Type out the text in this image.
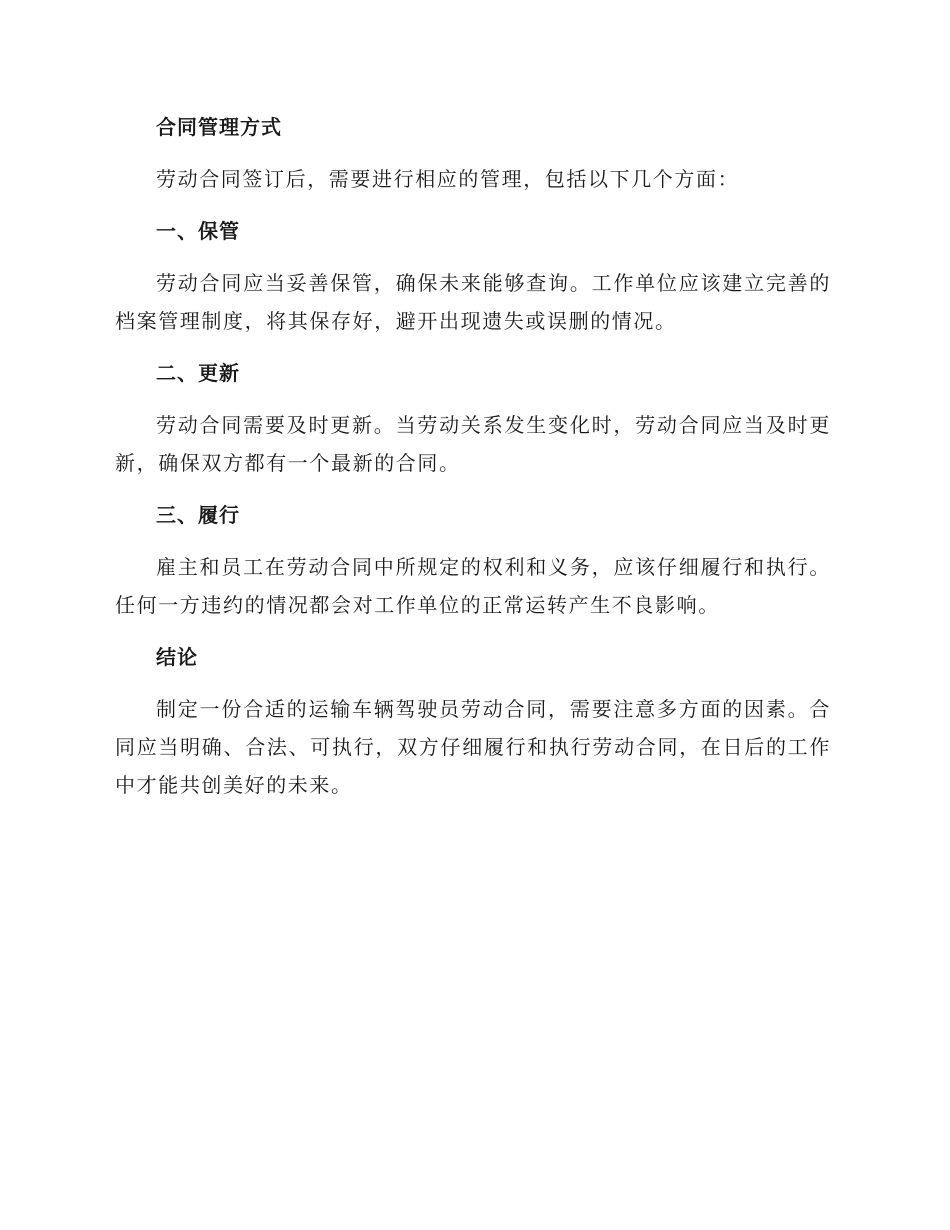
合同管理方式

劳动合同签订后，需要进行相应的管理，包括以下几个方面：

一、保管

劳动合同应当妥善保管，确保未来能够查询。工作单位应该建立完善的档案管理制度，将其保存好，避开出现遗失或误删的情况。

二、更新

劳动合同需要及时更新。当劳动关系发生变化时，劳动合同应当及时更新，确保双方都有一个最新的合同。

三、履行

雇主和员工在劳动合同中所规定的权利和义务，应该仔细履行和执行。任何一方违约的情况都会对工作单位的正常运转产生不良影响。

结论

制定一份合适的运输车辆驾驶员劳动合同，需要注意多方面的因素。合同应当明确、合法、可执行，双方仔细履行和执行劳动合同，在日后的工作中才能共创美好的未来。
